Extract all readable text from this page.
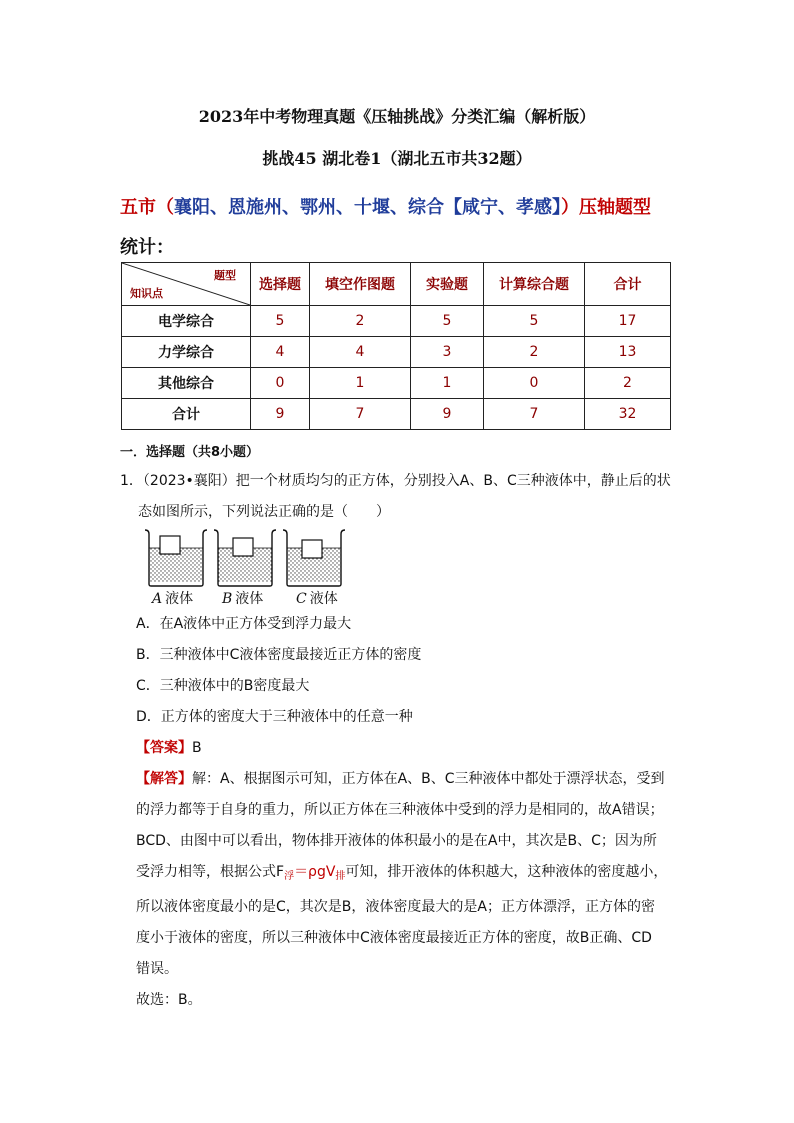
2023年中考物理真题《压轴挑战》分类汇编（解析版）
挑战45 湖北卷1（湖北五市共32题）
五市（襄阳、恩施州、鄂州、十堰、综合【咸宁、孝感】）压轴题型
统计：
题型
知识点	选择题	填空作图题	实验题	计算综合题	合计
电学综合	5	2	5	5	17
力学综合	4	4	3	2	13
其他综合	0	1	1	0	2
合计	9	7	9	7	32
一．选择题（共8小题）
1．（2023•襄阳）把一个材质均匀的正方体，分别投入A、B、C三种液体中，静止后的状
态如图所示，下列说法正确的是（　　）
A 液体 B 液体 C 液体
A．在A液体中正方体受到浮力最大
B．三种液体中C液体密度最接近正方体的密度
C．三种液体中的B密度最大
D．正方体的密度大于三种液体中的任意一种
【答案】B
【解答】解：A、根据图示可知，正方体在A、B、C三种液体中都处于漂浮状态，受到
的浮力都等于自身的重力，所以正方体在三种液体中受到的浮力是相同的，故A错误；
BCD、由图中可以看出，物体排开液体的体积最小的是在A中，其次是B、C；因为所
受浮力相等，根据公式$F_浮=\rho gV_排$可知，排开液体的体积越大，这种液体的密度越小，
所以液体密度最小的是C，其次是B，液体密度最大的是A；正方体漂浮，正方体的密
度小于液体的密度，所以三种液体中C液体密度最接近正方体的密度，故B正确、CD
错误。
故选：B。
